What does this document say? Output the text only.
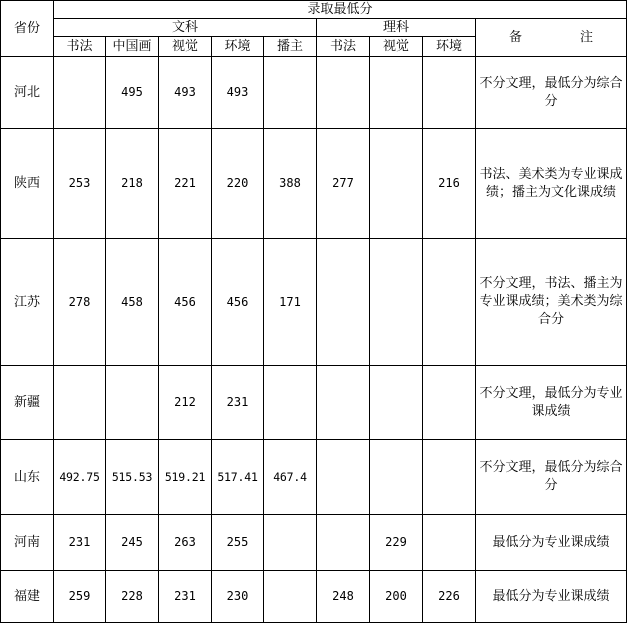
省份	录取最低分								
	文科					理科			备 注
	书法	中国画	视觉	环境	播主	书法	视觉	环境	
河北		495	493	493					不分文理，最低分为综合分
陕西	253	218	221	220	388	277		216	书法、美术类为专业课成绩；播主为文化课成绩
江苏	278	458	456	456	171				不分文理，书法、播主为专业课成绩；美术类为综合分
新疆			212	231					不分文理，最低分为专业课成绩
山东	492.75	515.53	519.21	517.41	467.4				不分文理，最低分为综合分
河南	231	245	263	255			229		最低分为专业课成绩
福建	259	228	231	230		248	200	226	最低分为专业课成绩
